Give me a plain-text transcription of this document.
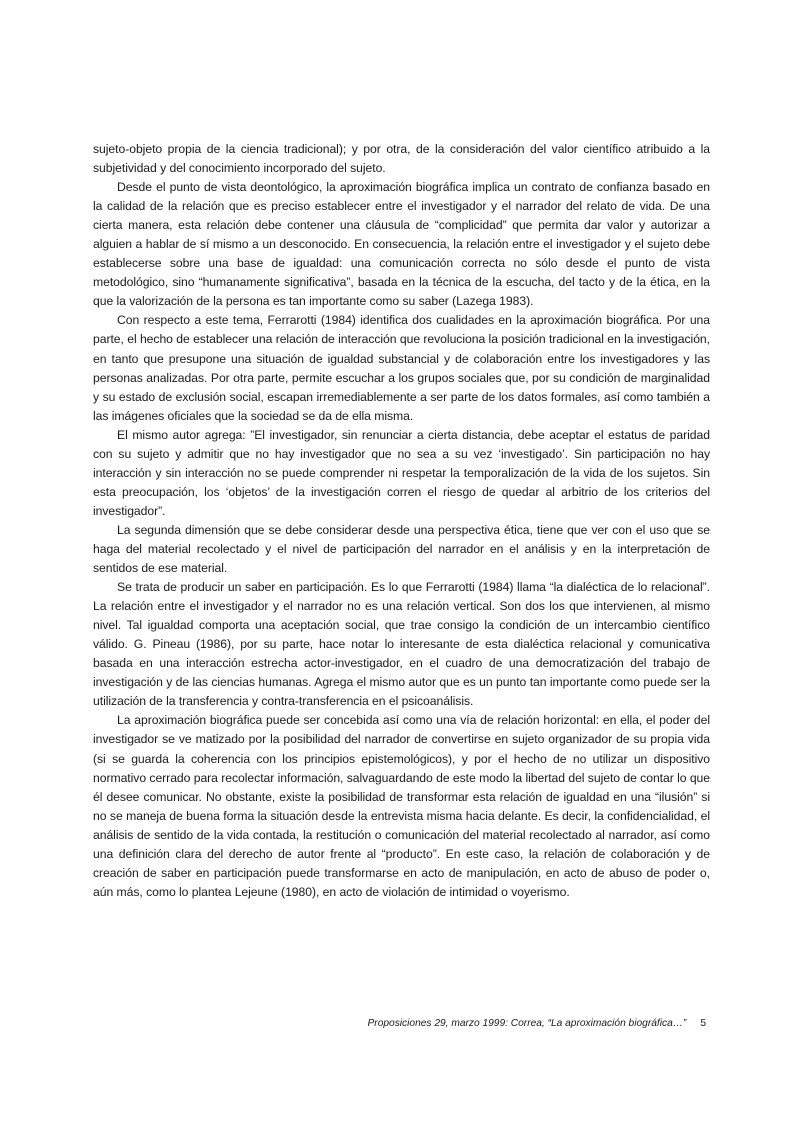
sujeto-objeto propia de la ciencia tradicional); y por otra, de la consideración del valor científico atribuido a la subjetividad y del conocimiento incorporado del sujeto.

Desde el punto de vista deontológico, la aproximación biográfica implica un contrato de confianza basado en la calidad de la relación que es preciso establecer entre el investigador y el narrador del relato de vida. De una cierta manera, esta relación debe contener una cláusula de “complicidad” que permita dar valor y autorizar a alguien a hablar de sí mismo a un desconocido. En consecuencia, la relación entre el investigador y el sujeto debe establecerse sobre una base de igualdad: una comunicación correcta no sólo desde el punto de vista metodológico, sino “humanamente significativa”, basada en la técnica de la escucha, del tacto y de la ética, en la que la valorización de la persona es tan importante como su saber (Lazega 1983).

Con respecto a este tema, Ferrarotti (1984) identifica dos cualidades en la aproximación biográfica. Por una parte, el hecho de establecer una relación de interacción que revoluciona la posición tradicional en la investigación, en tanto que presupone una situación de igualdad substancial y de colaboración entre los investigadores y las personas analizadas. Por otra parte, permite escuchar a los grupos sociales que, por su condición de marginalidad y su estado de exclusión social, escapan irremediablemente a ser parte de los datos formales, así como también a las imágenes oficiales que la sociedad se da de ella misma.

El mismo autor agrega: ”El investigador, sin renunciar a cierta distancia, debe aceptar el estatus de paridad con su sujeto y admitir que no hay investigador que no sea a su vez ‘investigado’. Sin participación no hay interacción y sin interacción no se puede comprender ni respetar la temporalización de la vida de los sujetos. Sin esta preocupación, los ‘objetos’ de la investigación corren el riesgo de quedar al arbitrio de los criterios del investigador”.

La segunda dimensión que se debe considerar desde una perspectiva ética, tiene que ver con el uso que se haga del material recolectado y el nivel de participación del narrador en el análisis y en la interpretación de sentidos de ese material.

Se trata de producir un saber en participación. Es lo que Ferrarotti (1984) llama “la dialéctica de lo relacional”. La relación entre el investigador y el narrador no es una relación vertical. Son dos los que intervienen, al mismo nivel. Tal igualdad comporta una aceptación social, que trae consigo la condición de un intercambio científico válido. G. Pineau (1986), por su parte, hace notar lo interesante de esta dialéctica relacional y comunicativa basada en una interacción estrecha actor-investigador, en el cuadro de una democratización del trabajo de investigación y de las ciencias humanas. Agrega el mismo autor que es un punto tan importante como puede ser la utilización de la transferencia y contra-transferencia en el psicoanálisis.

La aproximación biográfica puede ser concebida así como una vía de relación horizontal: en ella, el poder del investigador se ve matizado por la posibilidad del narrador de convertirse en sujeto organizador de su propia vida (si se guarda la coherencia con los principios epistemológicos), y por el hecho de no utilizar un dispositivo normativo cerrado para recolectar información, salvaguardando de este modo la libertad del sujeto de contar lo que él desee comunicar. No obstante, existe la posibilidad de transformar esta relación de igualdad en una “ilusión” si no se maneja de buena forma la situación desde la entrevista misma hacia delante. Es decir, la confidencialidad, el análisis de sentido de la vida contada, la restitución o comunicación del material recolectado al narrador, así como una definición clara del derecho de autor frente al “producto”. En este caso, la relación de colaboración y de creación de saber en participación puede transformarse en acto de manipulación, en acto de abuso de poder o, aún más, como lo plantea Lejeune (1980), en acto de violación de intimidad o voyerismo.

Proposiciones 29, marzo 1999: Correa, “La aproximación biográfica…” 5
